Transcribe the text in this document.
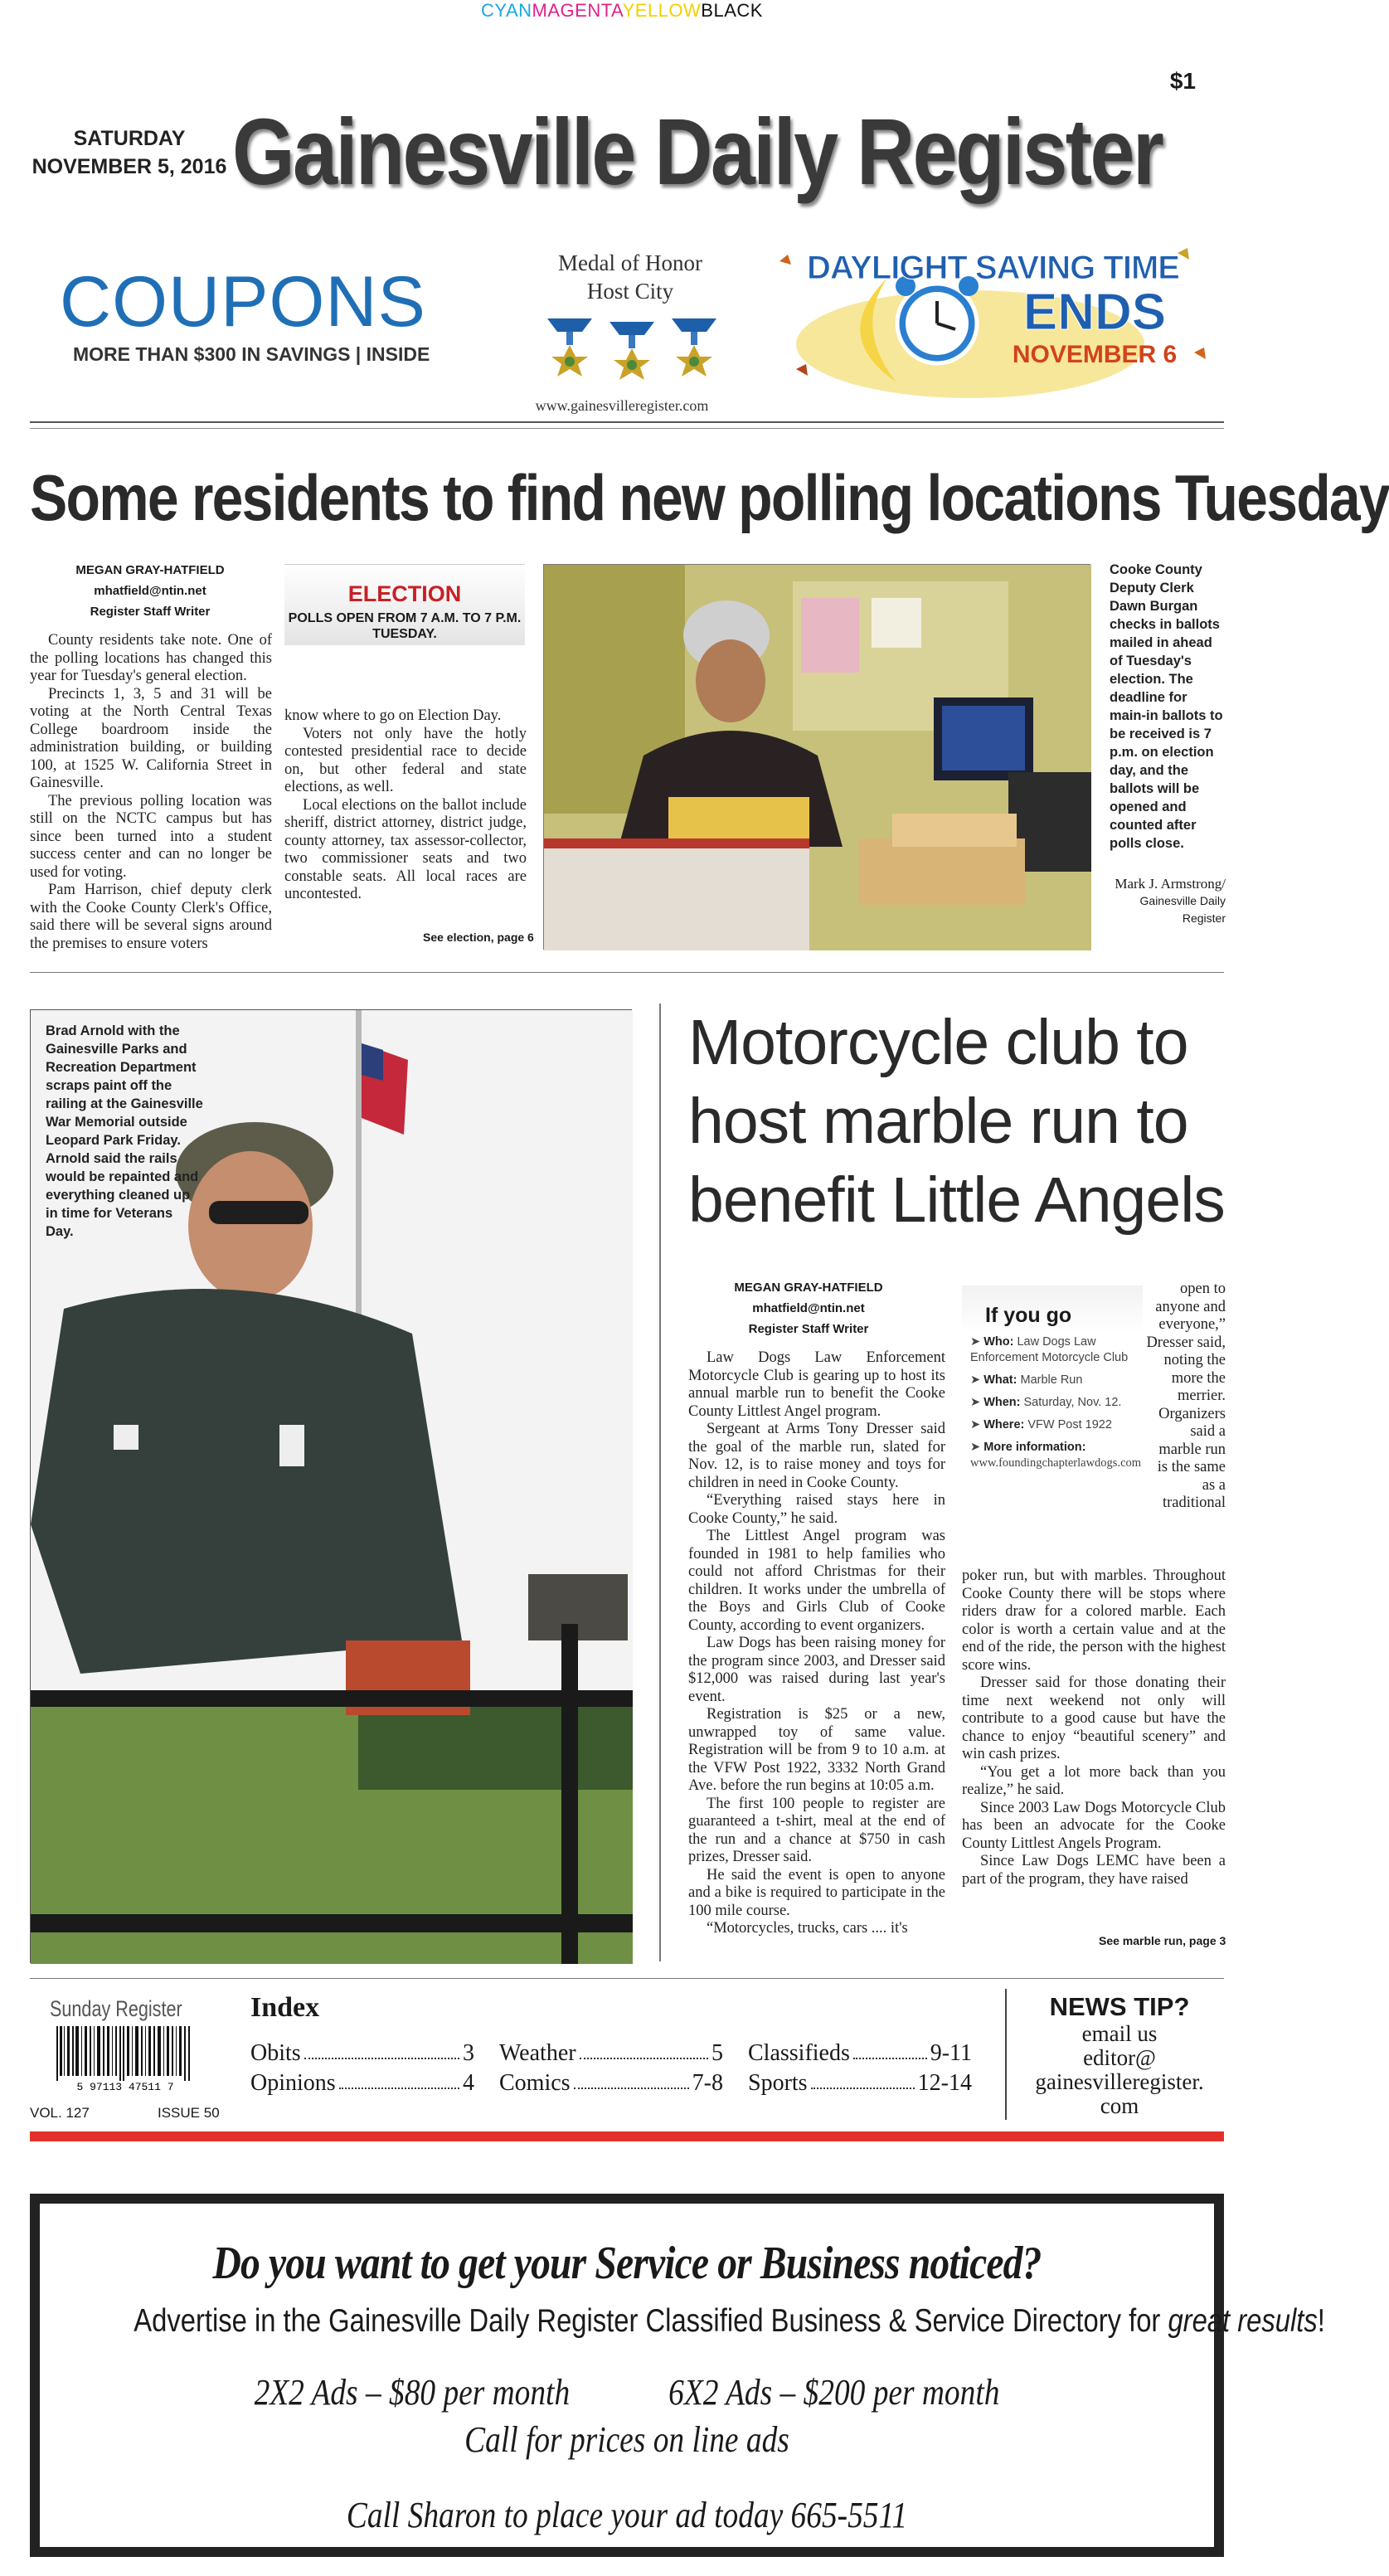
CYANMAGENTAYELLOWBLACK
$1
SATURDAY
NOVEMBER 5, 2016 Gainesville Daily Register
COUPONS
MORE THAN $300 IN SAVINGS | INSIDE
Medal of Honor
Host City
DAYLIGHT SAVING TIME
ENDS
NOVEMBER 6
www.gainesvilleregister.com
Some residents to find new polling locations Tuesday
MEGAN GRAY-HATFIELD
mhatfield@ntin.net
Register Staff Writer

County residents take note. One of the polling locations has changed this year for Tuesday's general election.

Precincts 1, 3, 5 and 31 will be voting at the North Central Texas College boardroom inside the administration building, or building 100, at 1525 W. California Street in Gainesville.

The previous polling location was still on the NCTC campus but has since been turned into a student success center and can no longer be used for voting.

Pam Harrison, chief deputy clerk with the Cooke County Clerk's Office, said there will be several signs around the premises to ensure voters

ELECTION
POLLS OPEN FROM 7 A.M. TO 7 P.M. TUESDAY.
know where to go on Election Day.

Voters not only have the hotly contested presidential race to decide on, but other federal and state elections, as well.

Local elections on the ballot include sheriff, district attorney, district judge, county attorney, tax assessor-collector, two commissioner seats and two constable seats. All local races are uncontested.

See election, page 6
Cooke County Deputy Clerk Dawn Burgan checks in ballots mailed in ahead of Tuesday's election. The deadline for main-in ballots to be received is 7 p.m. on election day, and the ballots will be opened and counted after polls close.
Mark J. Armstrong/
Gainesville Daily Register
Brad Arnold with the Gainesville Parks and Recreation Department scraps paint off the railing at the Gainesville War Memorial outside Leopard Park Friday. Arnold said the rails would be repainted and everything cleaned up in time for Veterans Day.
Motorcycle club to
host marble run to
benefit Little Angels
MEGAN GRAY-HATFIELD
mhatfield@ntin.net
Register Staff Writer

Law Dogs Law Enforcement Motorcycle Club is gearing up to host its annual marble run to benefit the Cooke County Littlest Angel program.

Sergeant at Arms Tony Dresser said the goal of the marble run, slated for Nov. 12, is to raise money and toys for children in need in Cooke County.

“Everything raised stays here in Cooke County,” he said.

The Littlest Angel program was founded in 1981 to help families who could not afford Christmas for their children. It works under the umbrella of the Boys and Girls Club of Cooke County, according to event organizers.

Law Dogs has been raising money for the program since 2003, and Dresser said $12,000 was raised during last year's event.

Registration is $25 or a new, unwrapped toy of same value. Registration will be from 9 to 10 a.m. at the VFW Post 1922, 3332 North Grand Ave. before the run begins at 10:05 a.m.

The first 100 people to register are guaranteed a t-shirt, meal at the end of the run and a chance at $750 in cash prizes, Dresser said.

He said the event is open to anyone and a bike is required to participate in the 100 mile course.

“Motorcycles, trucks, cars .... it's

If you go
➤ Who: Law Dogs Law Enforcement Motorcycle Club
➤ What: Marble Run
➤ When: Saturday, Nov. 12.
➤ Where: VFW Post 1922
➤ More information: www.foundingchapterlawdogs.com
open to anyone and everyone,” Dresser said, noting the more the merrier.
Organizers said a marble run is the same as a traditional
poker run, but with marbles. Throughout Cooke County there will be stops where riders draw for a colored marble. Each color is worth a certain value and at the end of the ride, the person with the highest score wins.

Dresser said for those donating their time next weekend not only will contribute to a good cause but have the chance to enjoy “beautiful scenery” and win cash prizes.

“You get a lot more back than you realize,” he said.

Since 2003 Law Dogs Motorcycle Club has been an advocate for the Cooke County Littlest Angels Program.

Since Law Dogs LEMC have been a part of the program, they have raised

See marble run, page 3
Sunday Register
5 97113 47511 7
VOL. 127	ISSUE 50
Index
Obits	3
Opinions	4
Weather	5
Comics	7-8
Classifieds	9-11
Sports	12-14
NEWS TIP?
email us
editor@
gainesvilleregister.
com
Do you want to get your Service or Business noticed?
Advertise in the Gainesville Daily Register Classified Business & Service Directory for great results!
2X2 Ads – $80 per month	6X2 Ads – $200 per month
Call for prices on line ads
Call Sharon to place your ad today 665-5511
